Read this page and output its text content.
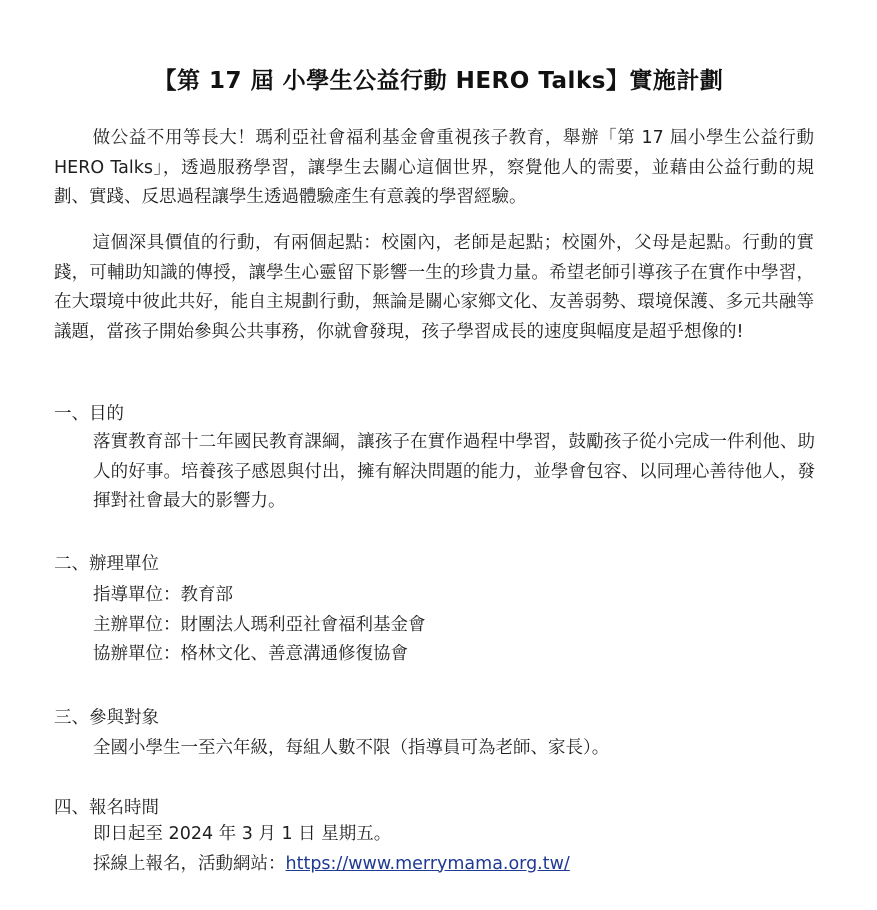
【第 17 屆 小學生公益行動 HERO Talks】實施計劃
做公益不用等長大！瑪利亞社會福利基金會重視孩子教育，舉辦「第 17 屆小學生公益行動 HERO Talks」，透過服務學習，讓學生去關心這個世界，察覺他人的需要，並藉由公益行動的規劃、實踐、反思過程讓學生透過體驗產生有意義的學習經驗。
這個深具價值的行動，有兩個起點：校園內，老師是起點；校園外，父母是起點。行動的實踐，可輔助知識的傳授，讓學生心靈留下影響一生的珍貴力量。希望老師引導孩子在實作中學習，在大環境中彼此共好，能自主規劃行動，無論是關心家鄉文化、友善弱勢、環境保護、多元共融等議題，當孩子開始參與公共事務，你就會發現，孩子學習成長的速度與幅度是超乎想像的!
一、目的
落實教育部十二年國民教育課綱，讓孩子在實作過程中學習，鼓勵孩子從小完成一件利他、助人的好事。培養孩子感恩與付出，擁有解決問題的能力，並學會包容、以同理心善待他人，發揮對社會最大的影響力。
二、辦理單位
指導單位：教育部
主辦單位：財團法人瑪利亞社會福利基金會
協辦單位：格林文化、善意溝通修復協會
三、參與對象
全國小學生一至六年級，每組人數不限（指導員可為老師、家長）。
四、報名時間
即日起至 2024 年 3 月 1 日 星期五。
採線上報名，活動網站：https://www.merrymama.org.tw/
